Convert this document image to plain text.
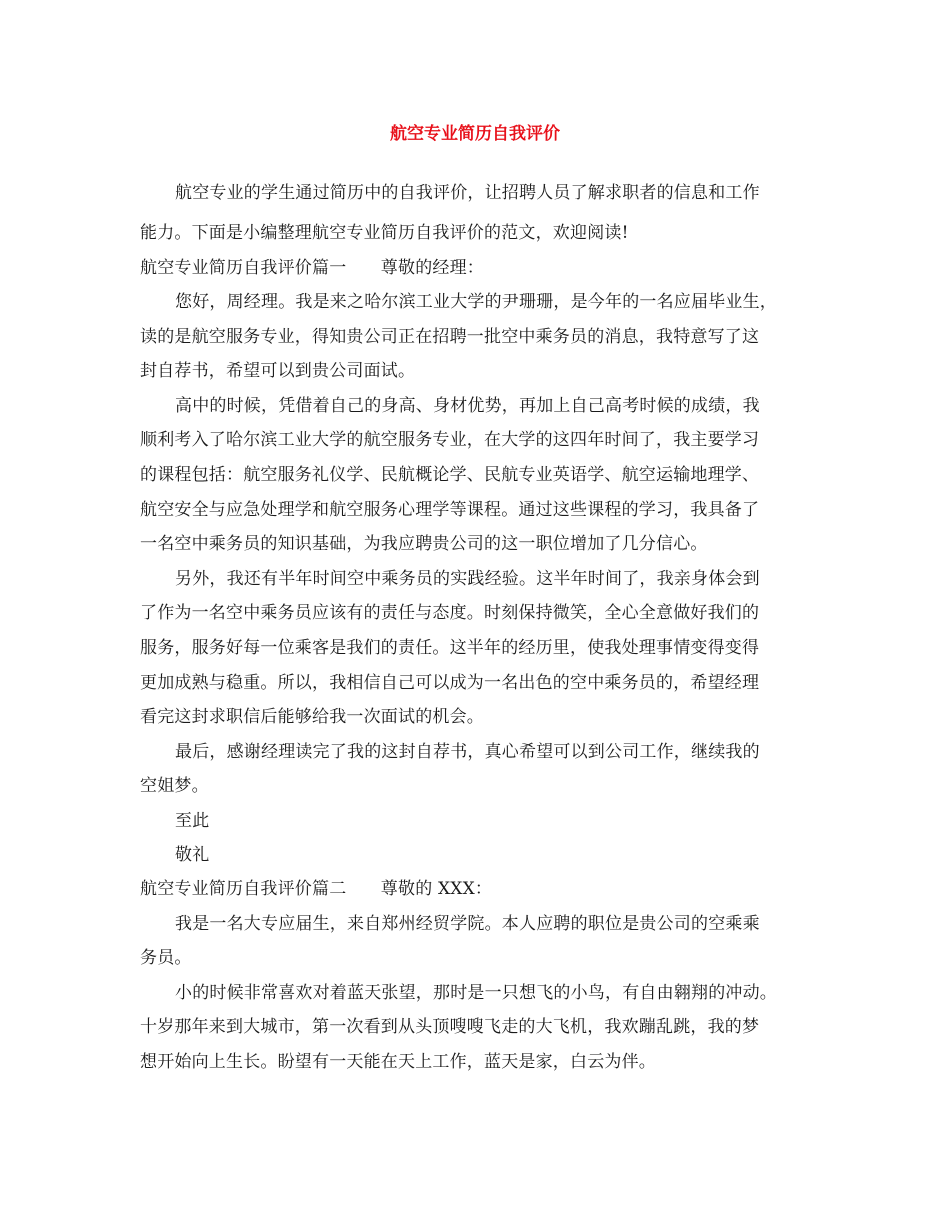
航空专业简历自我评价
航空专业的学生通过简历中的自我评价，让招聘人员了解求职者的信息和工作
能力。下面是小编整理航空专业简历自我评价的范文，欢迎阅读!
航空专业简历自我评价篇一　　尊敬的经理：
您好，周经理。我是来之哈尔滨工业大学的尹珊珊，是今年的一名应届毕业生，
读的是航空服务专业，得知贵公司正在招聘一批空中乘务员的消息，我特意写了这
封自荐书，希望可以到贵公司面试。
高中的时候，凭借着自己的身高、身材优势，再加上自己高考时候的成绩，我
顺利考入了哈尔滨工业大学的航空服务专业，在大学的这四年时间了，我主要学习
的课程包括：航空服务礼仪学、民航概论学、民航专业英语学、航空运输地理学、
航空安全与应急处理学和航空服务心理学等课程。通过这些课程的学习，我具备了
一名空中乘务员的知识基础，为我应聘贵公司的这一职位增加了几分信心。
另外，我还有半年时间空中乘务员的实践经验。这半年时间了，我亲身体会到
了作为一名空中乘务员应该有的责任与态度。时刻保持微笑，全心全意做好我们的
服务，服务好每一位乘客是我们的责任。这半年的经历里，使我处理事情变得变得
更加成熟与稳重。所以，我相信自己可以成为一名出色的空中乘务员的，希望经理
看完这封求职信后能够给我一次面试的机会。
最后，感谢经理读完了我的这封自荐书，真心希望可以到公司工作，继续我的
空姐梦。
至此
敬礼
航空专业简历自我评价篇二　　尊敬的 XXX：
我是一名大专应届生，来自郑州经贸学院。本人应聘的职位是贵公司的空乘乘
务员。
小的时候非常喜欢对着蓝天张望，那时是一只想飞的小鸟，有自由翱翔的冲动。
十岁那年来到大城市，第一次看到从头顶嗖嗖飞走的大飞机，我欢蹦乱跳，我的梦
想开始向上生长。盼望有一天能在天上工作，蓝天是家，白云为伴。
